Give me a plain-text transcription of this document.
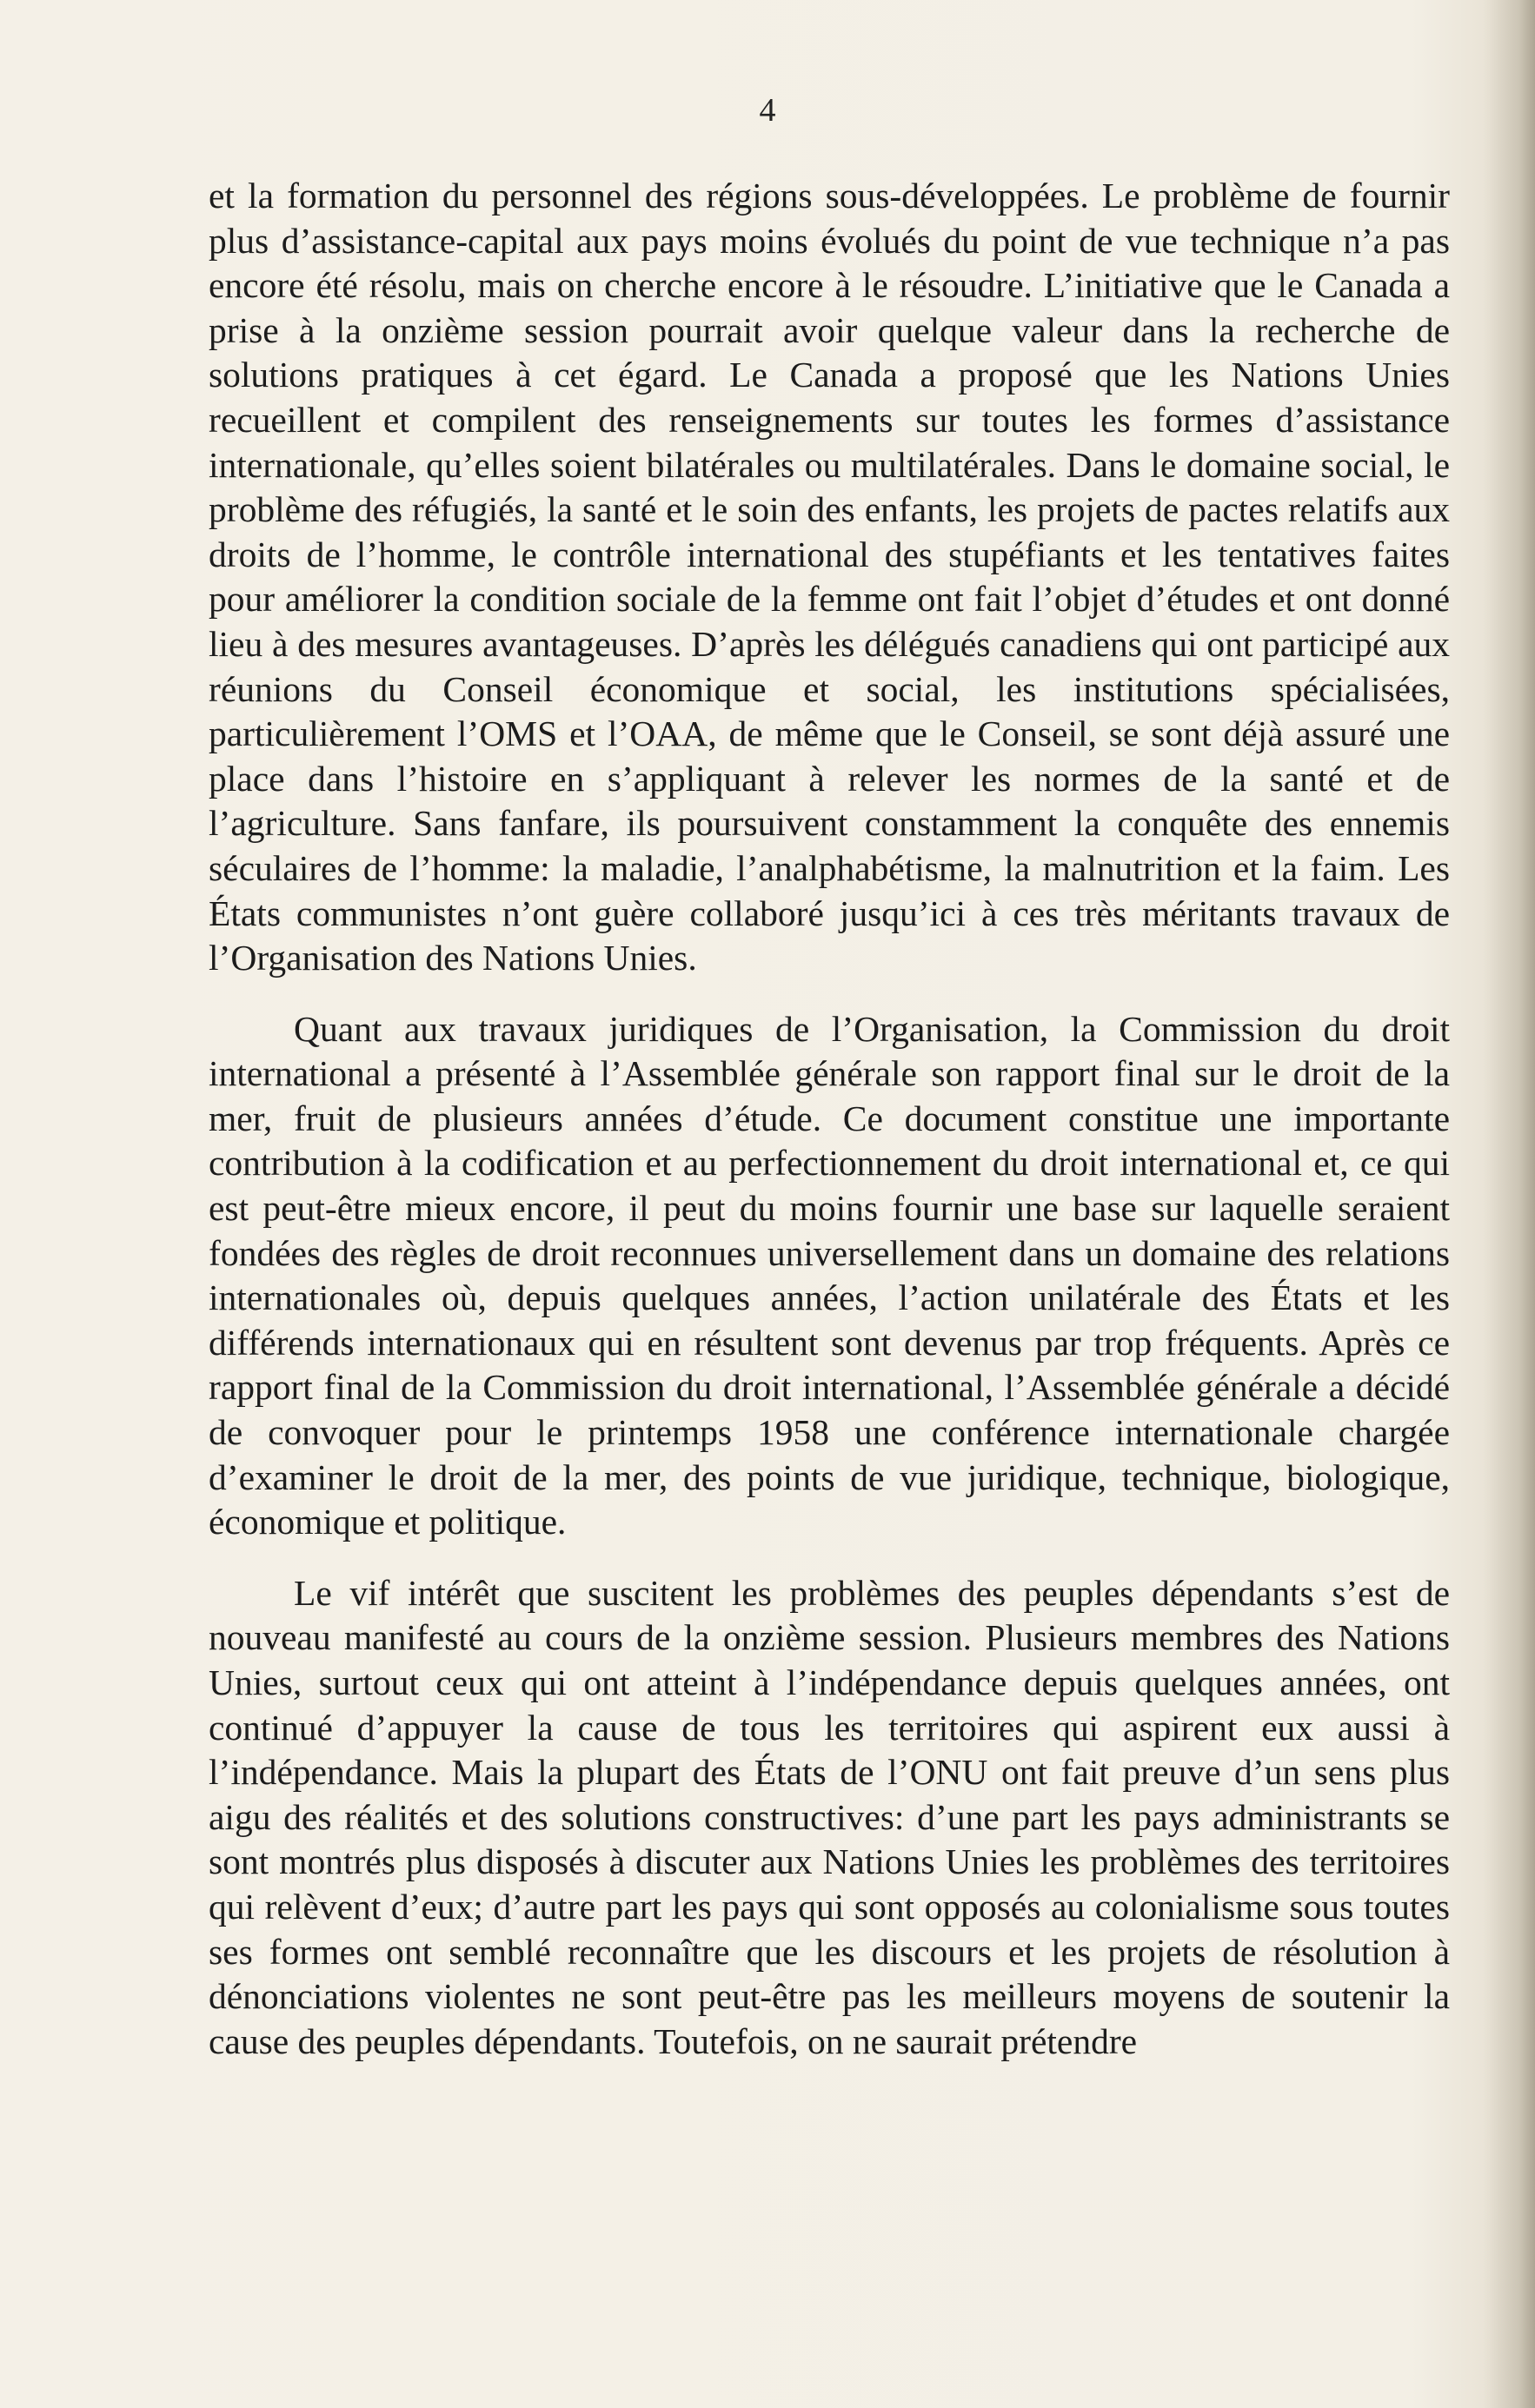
4

et la formation du personnel des régions sous-développées. Le problème de fournir plus d’assistance-capital aux pays moins évolués du point de vue technique n’a pas encore été résolu, mais on cherche encore à le résoudre. L’initiative que le Canada a prise à la onzième session pourrait avoir quelque valeur dans la recherche de solutions pratiques à cet égard. Le Canada a proposé que les Nations Unies recueillent et compilent des renseignements sur toutes les formes d’assistance internationale, qu’elles soient bilatérales ou multilatérales. Dans le domaine social, le problème des réfugiés, la santé et le soin des enfants, les projets de pactes relatifs aux droits de l’homme, le contrôle international des stupéfiants et les tentatives faites pour améliorer la condition sociale de la femme ont fait l’objet d’études et ont donné lieu à des mesures avantageuses. D’après les délégués canadiens qui ont participé aux réunions du Conseil économique et social, les institutions spécialisées, particulièrement l’OMS et l’OAA, de même que le Conseil, se sont déjà assuré une place dans l’histoire en s’appliquant à relever les normes de la santé et de l’agriculture. Sans fanfare, ils poursuivent constamment la conquête des ennemis séculaires de l’homme: la maladie, l’analphabétisme, la malnutrition et la faim. Les États communistes n’ont guère collaboré jusqu’ici à ces très méritants travaux de l’Organisation des Nations Unies.

Quant aux travaux juridiques de l’Organisation, la Commission du droit international a présenté à l’Assemblée générale son rapport final sur le droit de la mer, fruit de plusieurs années d’étude. Ce document constitue une importante contribution à la codification et au perfectionnement du droit international et, ce qui est peut-être mieux encore, il peut du moins fournir une base sur laquelle seraient fondées des règles de droit reconnues universellement dans un domaine des relations internationales où, depuis quelques années, l’action unilatérale des États et les différends internationaux qui en résultent sont devenus par trop fréquents. Après ce rapport final de la Commission du droit international, l’Assemblée générale a décidé de convoquer pour le printemps 1958 une conférence internationale chargée d’examiner le droit de la mer, des points de vue juridique, technique, biologique, économique et politique.

Le vif intérêt que suscitent les problèmes des peuples dépendants s’est de nouveau manifesté au cours de la onzième session. Plusieurs membres des Nations Unies, surtout ceux qui ont atteint à l’indépendance depuis quelques années, ont continué d’appuyer la cause de tous les territoires qui aspirent eux aussi à l’indépendance. Mais la plupart des États de l’ONU ont fait preuve d’un sens plus aigu des réalités et des solutions constructives: d’une part les pays administrants se sont montrés plus disposés à discuter aux Nations Unies les problèmes des territoires qui relèvent d’eux; d’autre part les pays qui sont opposés au colonialisme sous toutes ses formes ont semblé reconnaître que les discours et les projets de résolution à dénonciations violentes ne sont peut-être pas les meilleurs moyens de soutenir la cause des peuples dépendants. Toutefois, on ne saurait prétendre
